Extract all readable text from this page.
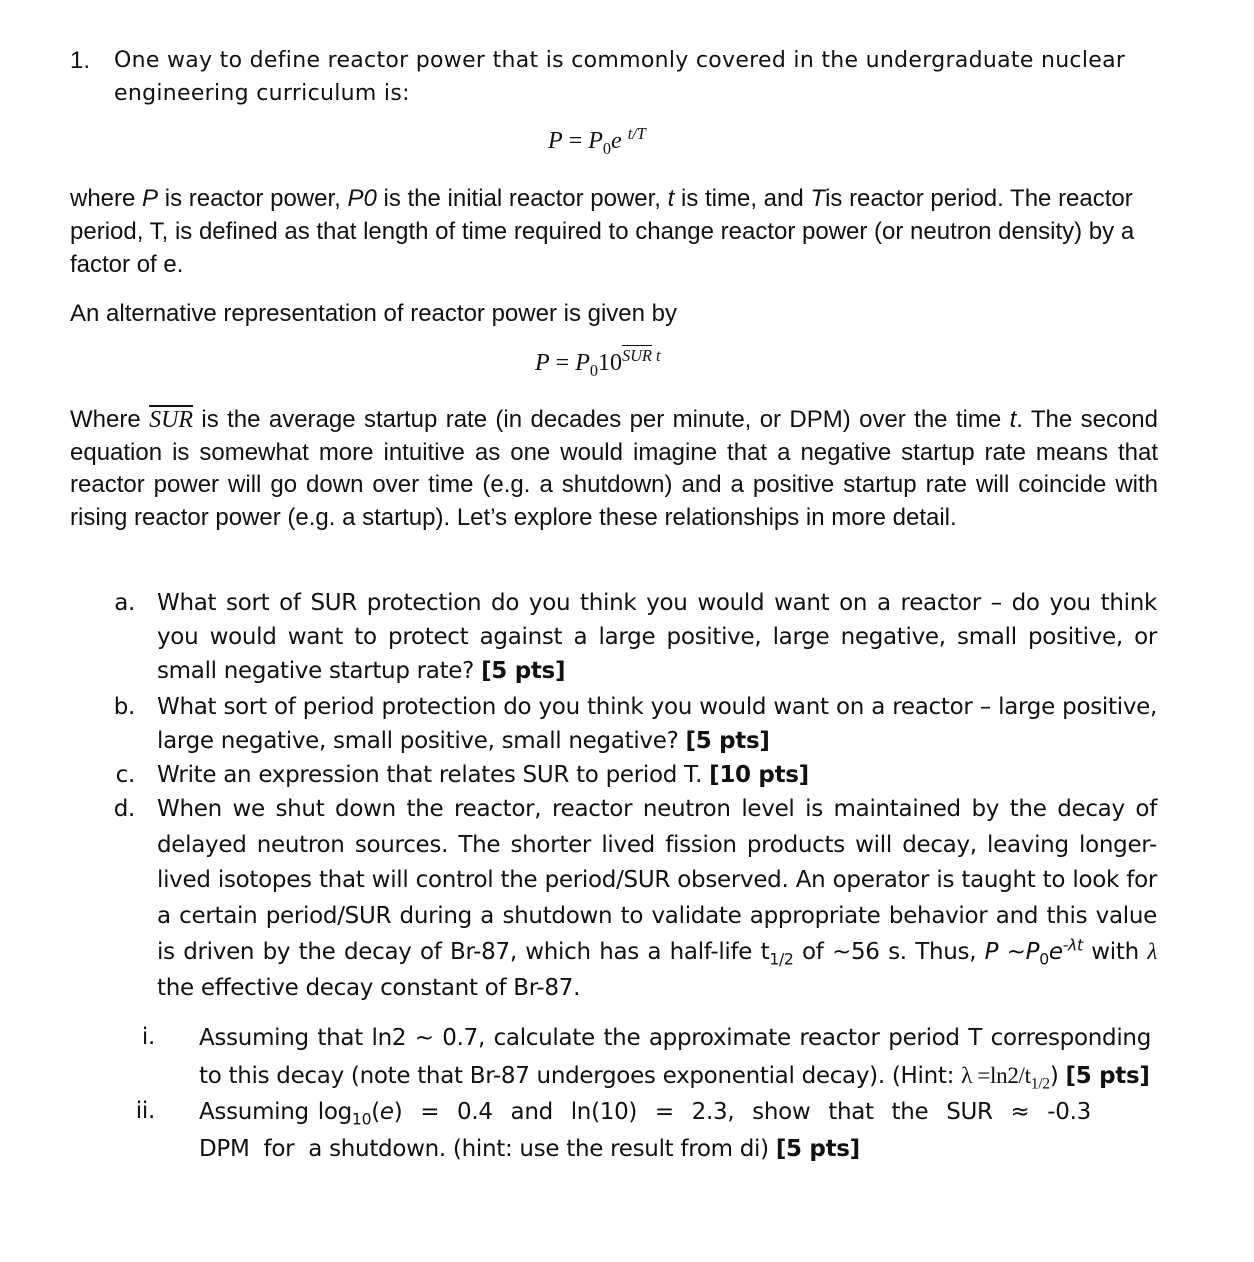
1. One way to define reactor power that is commonly covered in the undergraduate nuclear
engineering curriculum is:
$P = P_0e$ $^{t/T}$
where P is reactor power, P0 is the initial reactor power, t is time, and Tis reactor period. The reactor period, T, is defined as that length of time required to change reactor power (or neutron density) by a factor of e.
An alternative representation of reactor power is given by
$P = P_010^{\overline{SUR} t}$
Where $\overline{SUR}$ is the average startup rate (in decades per minute, or DPM) over the time t. The second equation is somewhat more intuitive as one would imagine that a negative startup rate means that reactor power will go down over time (e.g. a shutdown) and a positive startup rate will coincide with rising reactor power (e.g. a startup). Let’s explore these relationships in more detail.
a. What sort of SUR protection do you think you would want on a reactor – do you think you would want to protect against a large positive, large negative, small positive, or small negative startup rate? [5 pts]
b. What sort of period protection do you think you would want on a reactor – large positive, large negative, small positive, small negative? [5 pts]
c. Write an expression that relates SUR to period T. [10 pts]
d. When we shut down the reactor, reactor neutron level is maintained by the decay of delayed neutron sources. The shorter lived fission products will decay, leaving longer- lived isotopes that will control the period/SUR observed. An operator is taught to look for a certain period/SUR during a shutdown to validate appropriate behavior and this value is driven by the decay of Br-87, which has a half-life $t_{1/2}$ of ~56 s. Thus, P $\sim P_0e^{-\lambda t}$ with λ the effective decay constant of Br-87.
i. Assuming that ln2 ~ 0.7, calculate the approximate reactor period T corresponding to this decay (note that Br-87 undergoes exponential decay). (Hint: $\lambda =\ln 2/t_{1/2}$) [5 pts]
ii. Assuming $\log_{10}(e) = 0.4$  and  ln(10)  =  2.3,  show  that  the  SUR  ≈  -0.3  DPM  for  a shutdown. (hint: use the result from di) [5 pts]
